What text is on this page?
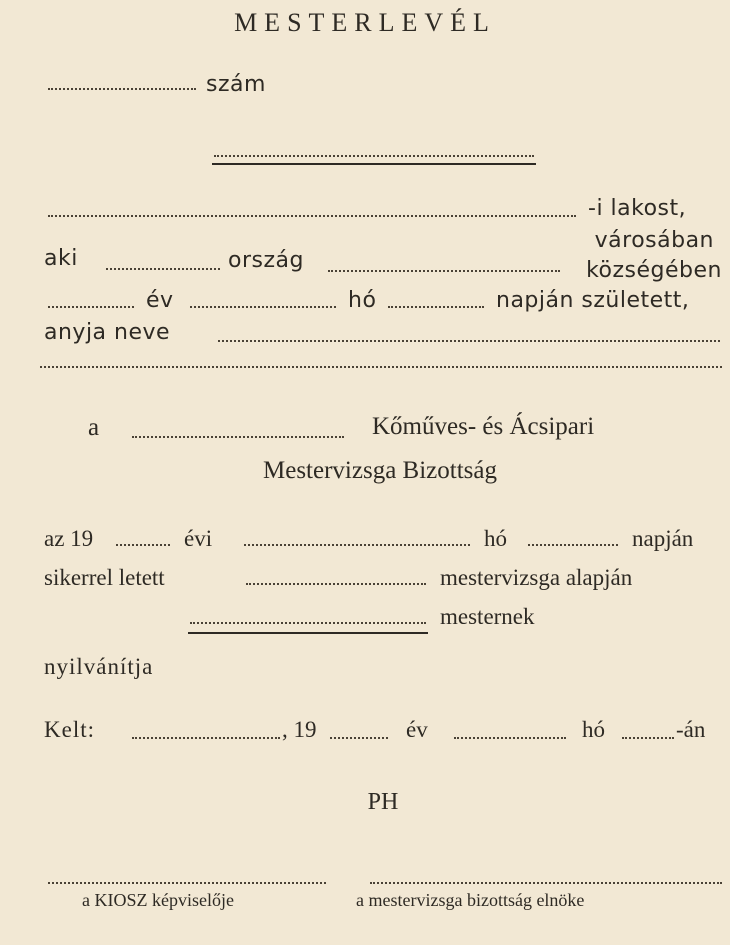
MESTERLEVÉL
szám
-i lakost,
aki	ország
városában
községében
év	hó	napján született,
anyja neve
a	Kőműves- és Ácsipari
Mestervizsga Bizottság
az 19	évi	hó	napján
sikerrel letett	mestervizsga alapján
mesternek
nyilvánítja
Kelt:	, 19	év	hó	-án
PH
a KIOSZ képviselője	a mestervizsga bizottság elnöke
